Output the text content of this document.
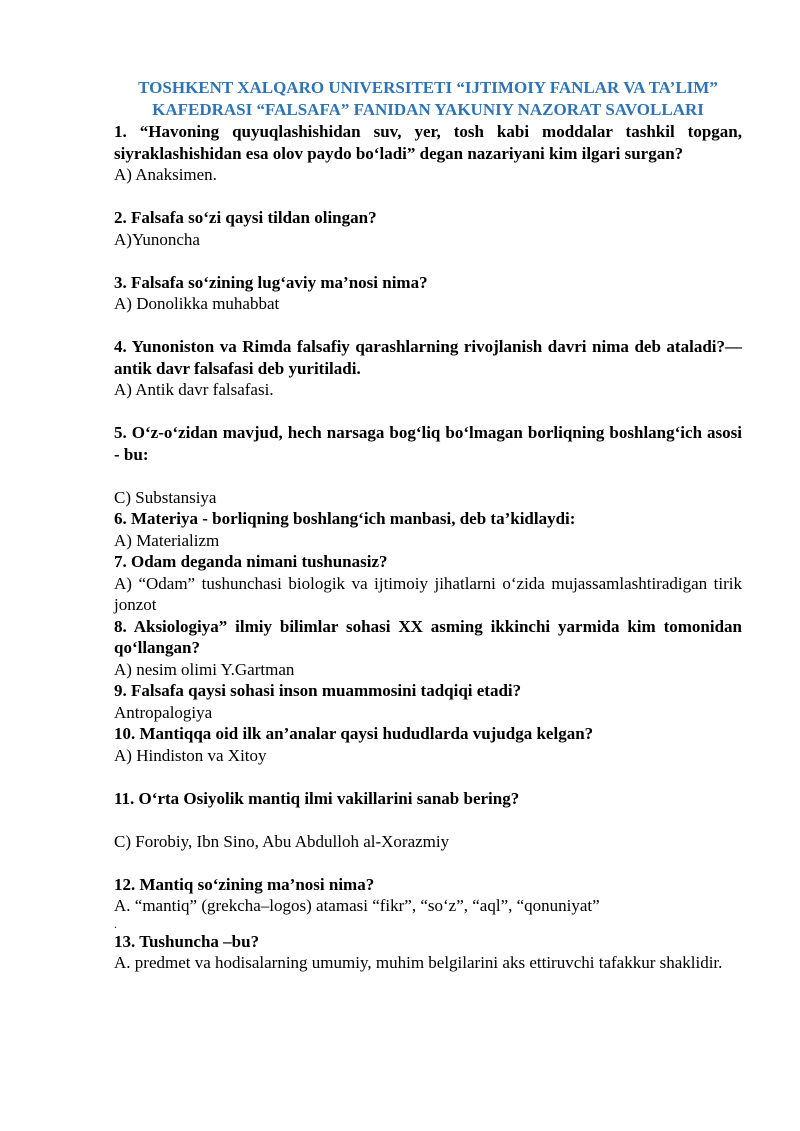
TOSHKENT XALQARO UNIVERSITETI “IJTIMOIY FANLAR VA TA’LIM” KAFEDRASI “FALSAFA” FANIDAN YAKUNIY NAZORAT SAVOLLARI

1. “Havoning quyuqlashishidan suv, yer, tosh kabi moddalar tashkil topgan, siyraklashishidan esa olov paydo bo‘ladi” degan nazariyani kim ilgari surgan?

A) Anaksimen.

2. Falsafa so‘zi qaysi tildan olingan?

A)Yunoncha

3. Falsafa so‘zining lug‘aviy ma’nosi nima?

A) Donolikka muhabbat

4. Yunoniston va Rimda falsafiy qarashlarning rivojlanish davri nima deb ataladi?— antik davr falsafasi deb yuritiladi.

A) Antik davr falsafasi.

5. O‘z-o‘zidan mavjud, hech narsaga bog‘liq bo‘lmagan borliqning boshlang‘ich asosi - bu:

C) Substansiya

6. Materiya - borliqning boshlang‘ich manbasi, deb ta’kidlaydi:

A) Materializm

7. Odam deganda nimani tushunasiz?

A) “Odam” tushunchasi biologik va ijtimoiy jihatlarni o‘zida mujassamlashtiradigan tirik jonzot

8. Aksiologiya” ilmiy bilimlar sohasi XX asming ikkinchi yarmida kim tomonidan qo‘llangan?

A) nesim olimi Y.Gartman

9. Falsafa qaysi sohasi inson muammosini tadqiqi etadi?

Antropalogiya

10. Mantiqqa oid ilk an’analar qaysi hududlarda vujudga kelgan?

A) Hindiston va Xitoy

11. O‘rta Osiyolik mantiq ilmi vakillarini sanab bering?

C) Forobiy, Ibn Sino, Abu Abdulloh al-Xorazmiy

12. Mantiq so‘zining ma’nosi nima?

A. “mantiq” (grekcha–logos) atamasi “fikr”, “so‘z”, “aql”, “qonuniyat”

.

13. Tushuncha –bu?

A. predmet va hodisalarning umumiy, muhim belgilarini aks ettiruvchi tafakkur shaklidir.
